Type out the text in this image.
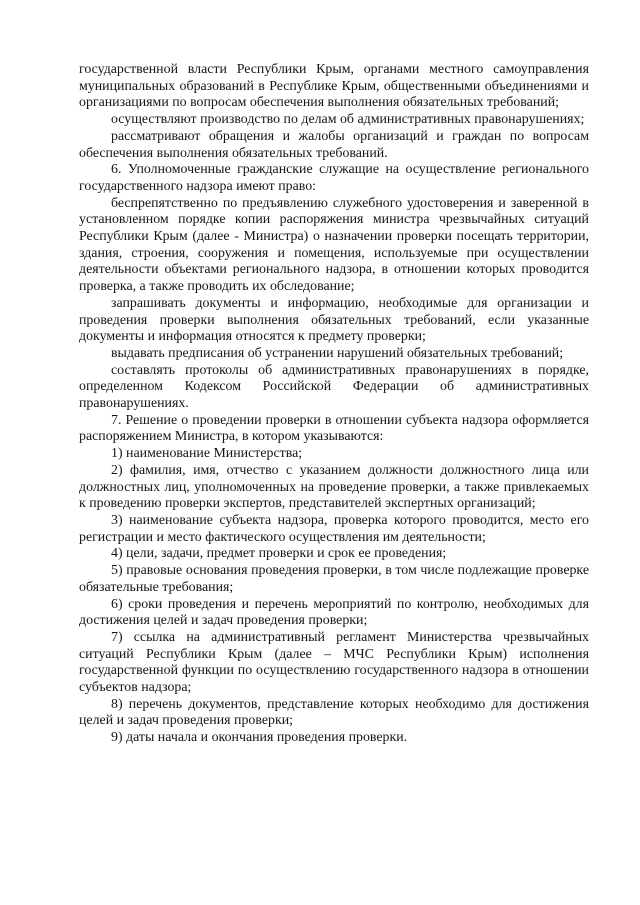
государственной власти Республики Крым, органами местного самоуправления муниципальных образований в Республике Крым, общественными объединениями и организациями по вопросам обеспечения выполнения обязательных требований;

осуществляют производство по делам об административных правонарушениях;

рассматривают обращения и жалобы организаций и граждан по вопросам обеспечения выполнения обязательных требований.

6. Уполномоченные гражданские служащие на осуществление регионального государственного надзора имеют право:

беспрепятственно по предъявлению служебного удостоверения и заверенной в установленном порядке копии распоряжения министра чрезвычайных ситуаций Республики Крым (далее - Министра) о назначении проверки посещать территории, здания, строения, сооружения и помещения, используемые при осуществлении деятельности объектами регионального надзора, в отношении которых проводится проверка, а также проводить их обследование;

запрашивать документы и информацию, необходимые для организации и проведения проверки выполнения обязательных требований, если указанные документы и информация относятся к предмету проверки;

выдавать предписания об устранении нарушений обязательных требований;

составлять протоколы об административных правонарушениях в порядке, определенном Кодексом Российской Федерации об административных правонарушениях.

7. Решение о проведении проверки в отношении субъекта надзора оформляется распоряжением Министра, в котором указываются:

1) наименование Министерства;

2) фамилия, имя, отчество с указанием должности должностного лица или должностных лиц, уполномоченных на проведение проверки, а также привлекаемых к проведению проверки экспертов, представителей экспертных организаций;

3) наименование субъекта надзора, проверка которого проводится, место его регистрации и место фактического осуществления им деятельности;

4) цели, задачи, предмет проверки и срок ее проведения;

5) правовые основания проведения проверки, в том числе подлежащие проверке обязательные требования;

6) сроки проведения и перечень мероприятий по контролю, необходимых для достижения целей и задач проведения проверки;

7) ссылка на административный регламент Министерства чрезвычайных ситуаций Республики Крым (далее – МЧС Республики Крым) исполнения государственной функции по осуществлению государственного надзора в отношении субъектов надзора;

8) перечень документов, представление которых необходимо для достижения целей и задач проведения проверки;

9) даты начала и окончания проведения проверки.
